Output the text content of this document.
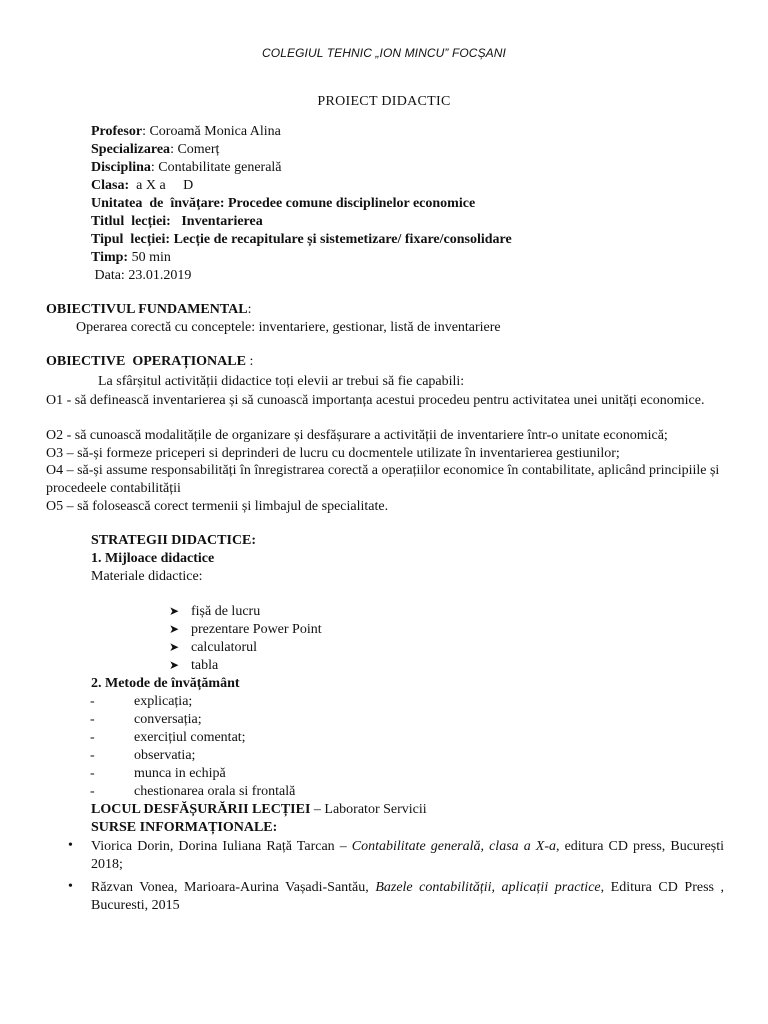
COLEGIUL TEHNIC „ION MINCU” FOCȘANI
PROIECT DIDACTIC
Profesor: Coroamă Monica Alina
Specializarea: Comerț
Disciplina: Contabilitate generală
Clasa:  a X a     D
Unitatea  de  învățare: Procedee comune disciplinelor economice
Titlul  lecției:   Inventarierea
Tipul  lecției: Lecție de recapitulare și sistemetizare/ fixare/consolidare
Timp: 50 min
Data: 23.01.2019
OBIECTIVUL FUNDAMENTAL:
Operarea corectă cu conceptele: inventariere, gestionar, listă de inventariere
OBIECTIVE  OPERAȚIONALE :
La sfârșitul activității didactice toți elevii ar trebui să fie capabili:
O1 - să definească inventarierea și să cunoască importanța acestui procedeu pentru activitatea unei unități economice.
O2 - să cunoască modalitățile de organizare și desfășurare a activității de inventariere într-o unitate economică;
O3 – să-și formeze priceperi si deprinderi de lucru cu docmentele utilizate în inventarierea gestiunilor;
O4 – să-și assume responsabilități în înregistrarea corectă a operațiilor economice în contabilitate, aplicând principiile și procedeele contabilității
O5 – să folosească corect termenii și limbajul de specialitate.
STRATEGII DIDACTICE:
1. Mijloace didactice
Materiale didactice:
➤ fișă de lucru
➤ prezentare Power Point
➤ calculatorul
➤ tabla
2. Metode de învățământ
-	explicația;
-	conversația;
-	exercițiul comentat;
-	observatia;
-	munca in echipă
-	chestionarea orala si frontală
LOCUL DESFĂȘURĂRII LECȚIEI – Laborator Servicii
SURSE INFORMAȚIONALE:
• Viorica Dorin, Dorina Iuliana Rață Tarcan – Contabilitate generală, clasa a X-a, editura CD press, București 2018;
• Răzvan Vonea, Marioara-Aurina Vașadi-Santău, Bazele contabilității, aplicații practice, Editura CD Press , Bucuresti, 2015
